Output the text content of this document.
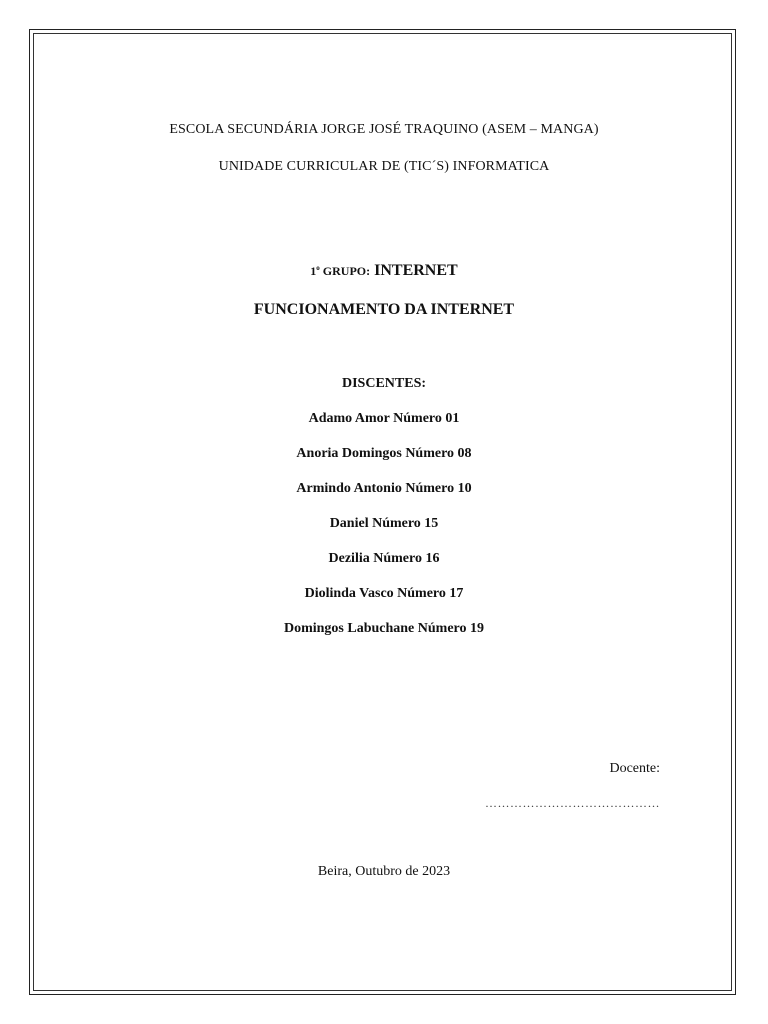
ESCOLA SECUNDÁRIA JORGE JOSÉ TRAQUINO (ASEM – MANGA)
UNIDADE CURRICULAR DE (TIC´S) INFORMATICA
1$^o$ GRUPO: INTERNET
FUNCIONAMENTO DA INTERNET
DISCENTES:
Adamo Amor Número 01
Anoria Domingos Número 08
Armindo Antonio Número 10
Daniel Número 15
Dezilia Número 16
Diolinda Vasco Número 17
Domingos Labuchane Número 19
Docente:
……………………………………
Beira, Outubro de 2023
